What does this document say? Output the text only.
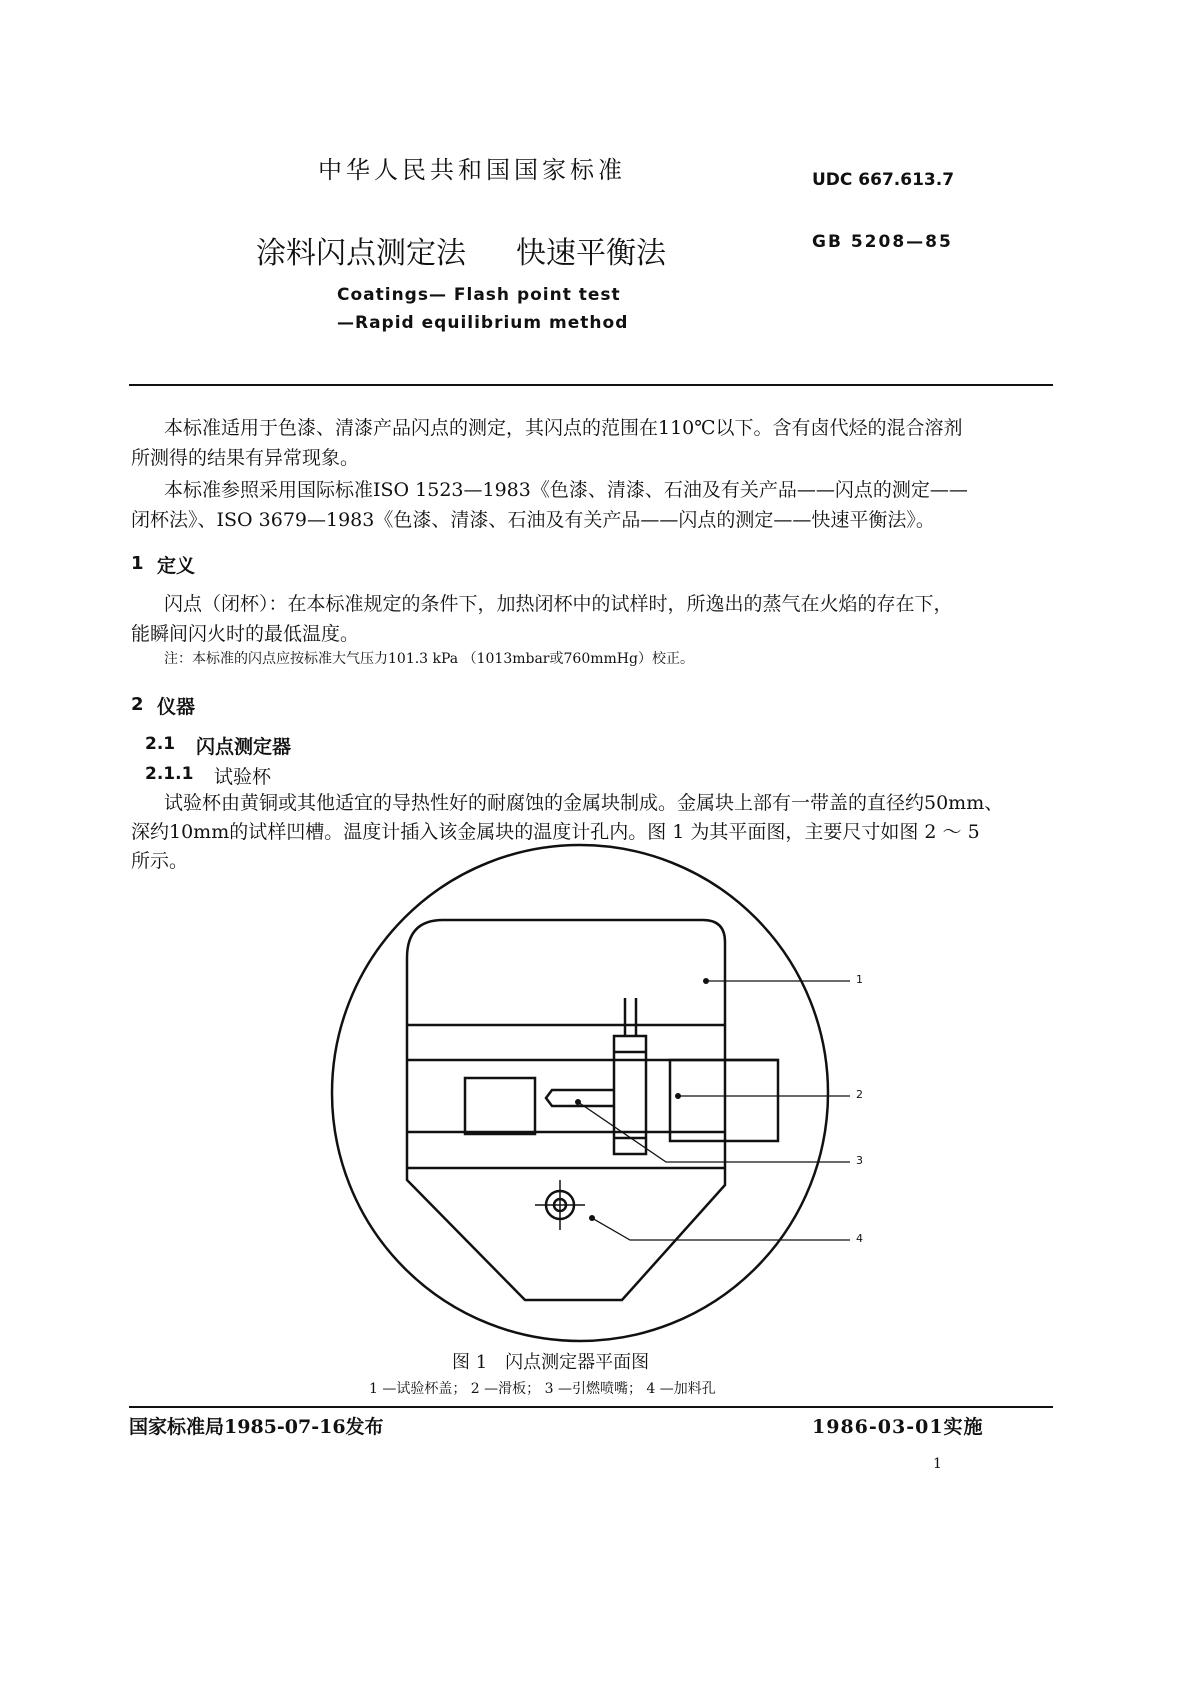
中华人民共和国国家标准	UDC 667.613.7
涂料闪点测定法 快速平衡法	GB 5208—85
Coatings— Flash point test
—Rapid equilibrium method
本标准适用于色漆、清漆产品闪点的测定，其闪点的范围在110℃以下。含有卤代烃的混合溶剂
所测得的结果有异常现象。
本标准参照采用国际标准ISO 1523—1983《色漆、清漆、石油及有关产品——闪点的测定——
闭杯法》、ISO 3679—1983《色漆、清漆、石油及有关产品——闪点的测定——快速平衡法》。
1 定义
闪点（闭杯）：在本标准规定的条件下，加热闭杯中的试样时，所逸出的蒸气在火焰的存在下，
能瞬间闪火时的最低温度。
注：本标准的闪点应按标准大气压力101.3 kPa （1013mbar或760mmHg）校正。
2 仪器
2.1 闪点测定器
2.1.1 试验杯
试验杯由黄铜或其他适宜的导热性好的耐腐蚀的金属块制成。金属块上部有一带盖的直径约50mm、
深约10mm的试样凹槽。温度计插入该金属块的温度计孔内。图 1 为其平面图，主要尺寸如图 2 ～ 5
所示。
1
2
3
4
图 1　闪点测定器平面图
1 —试验杯盖； 2 —滑板； 3 —引燃喷嘴； 4 —加料孔
国家标准局1985-07-16发布	1986-03-01实施
1
